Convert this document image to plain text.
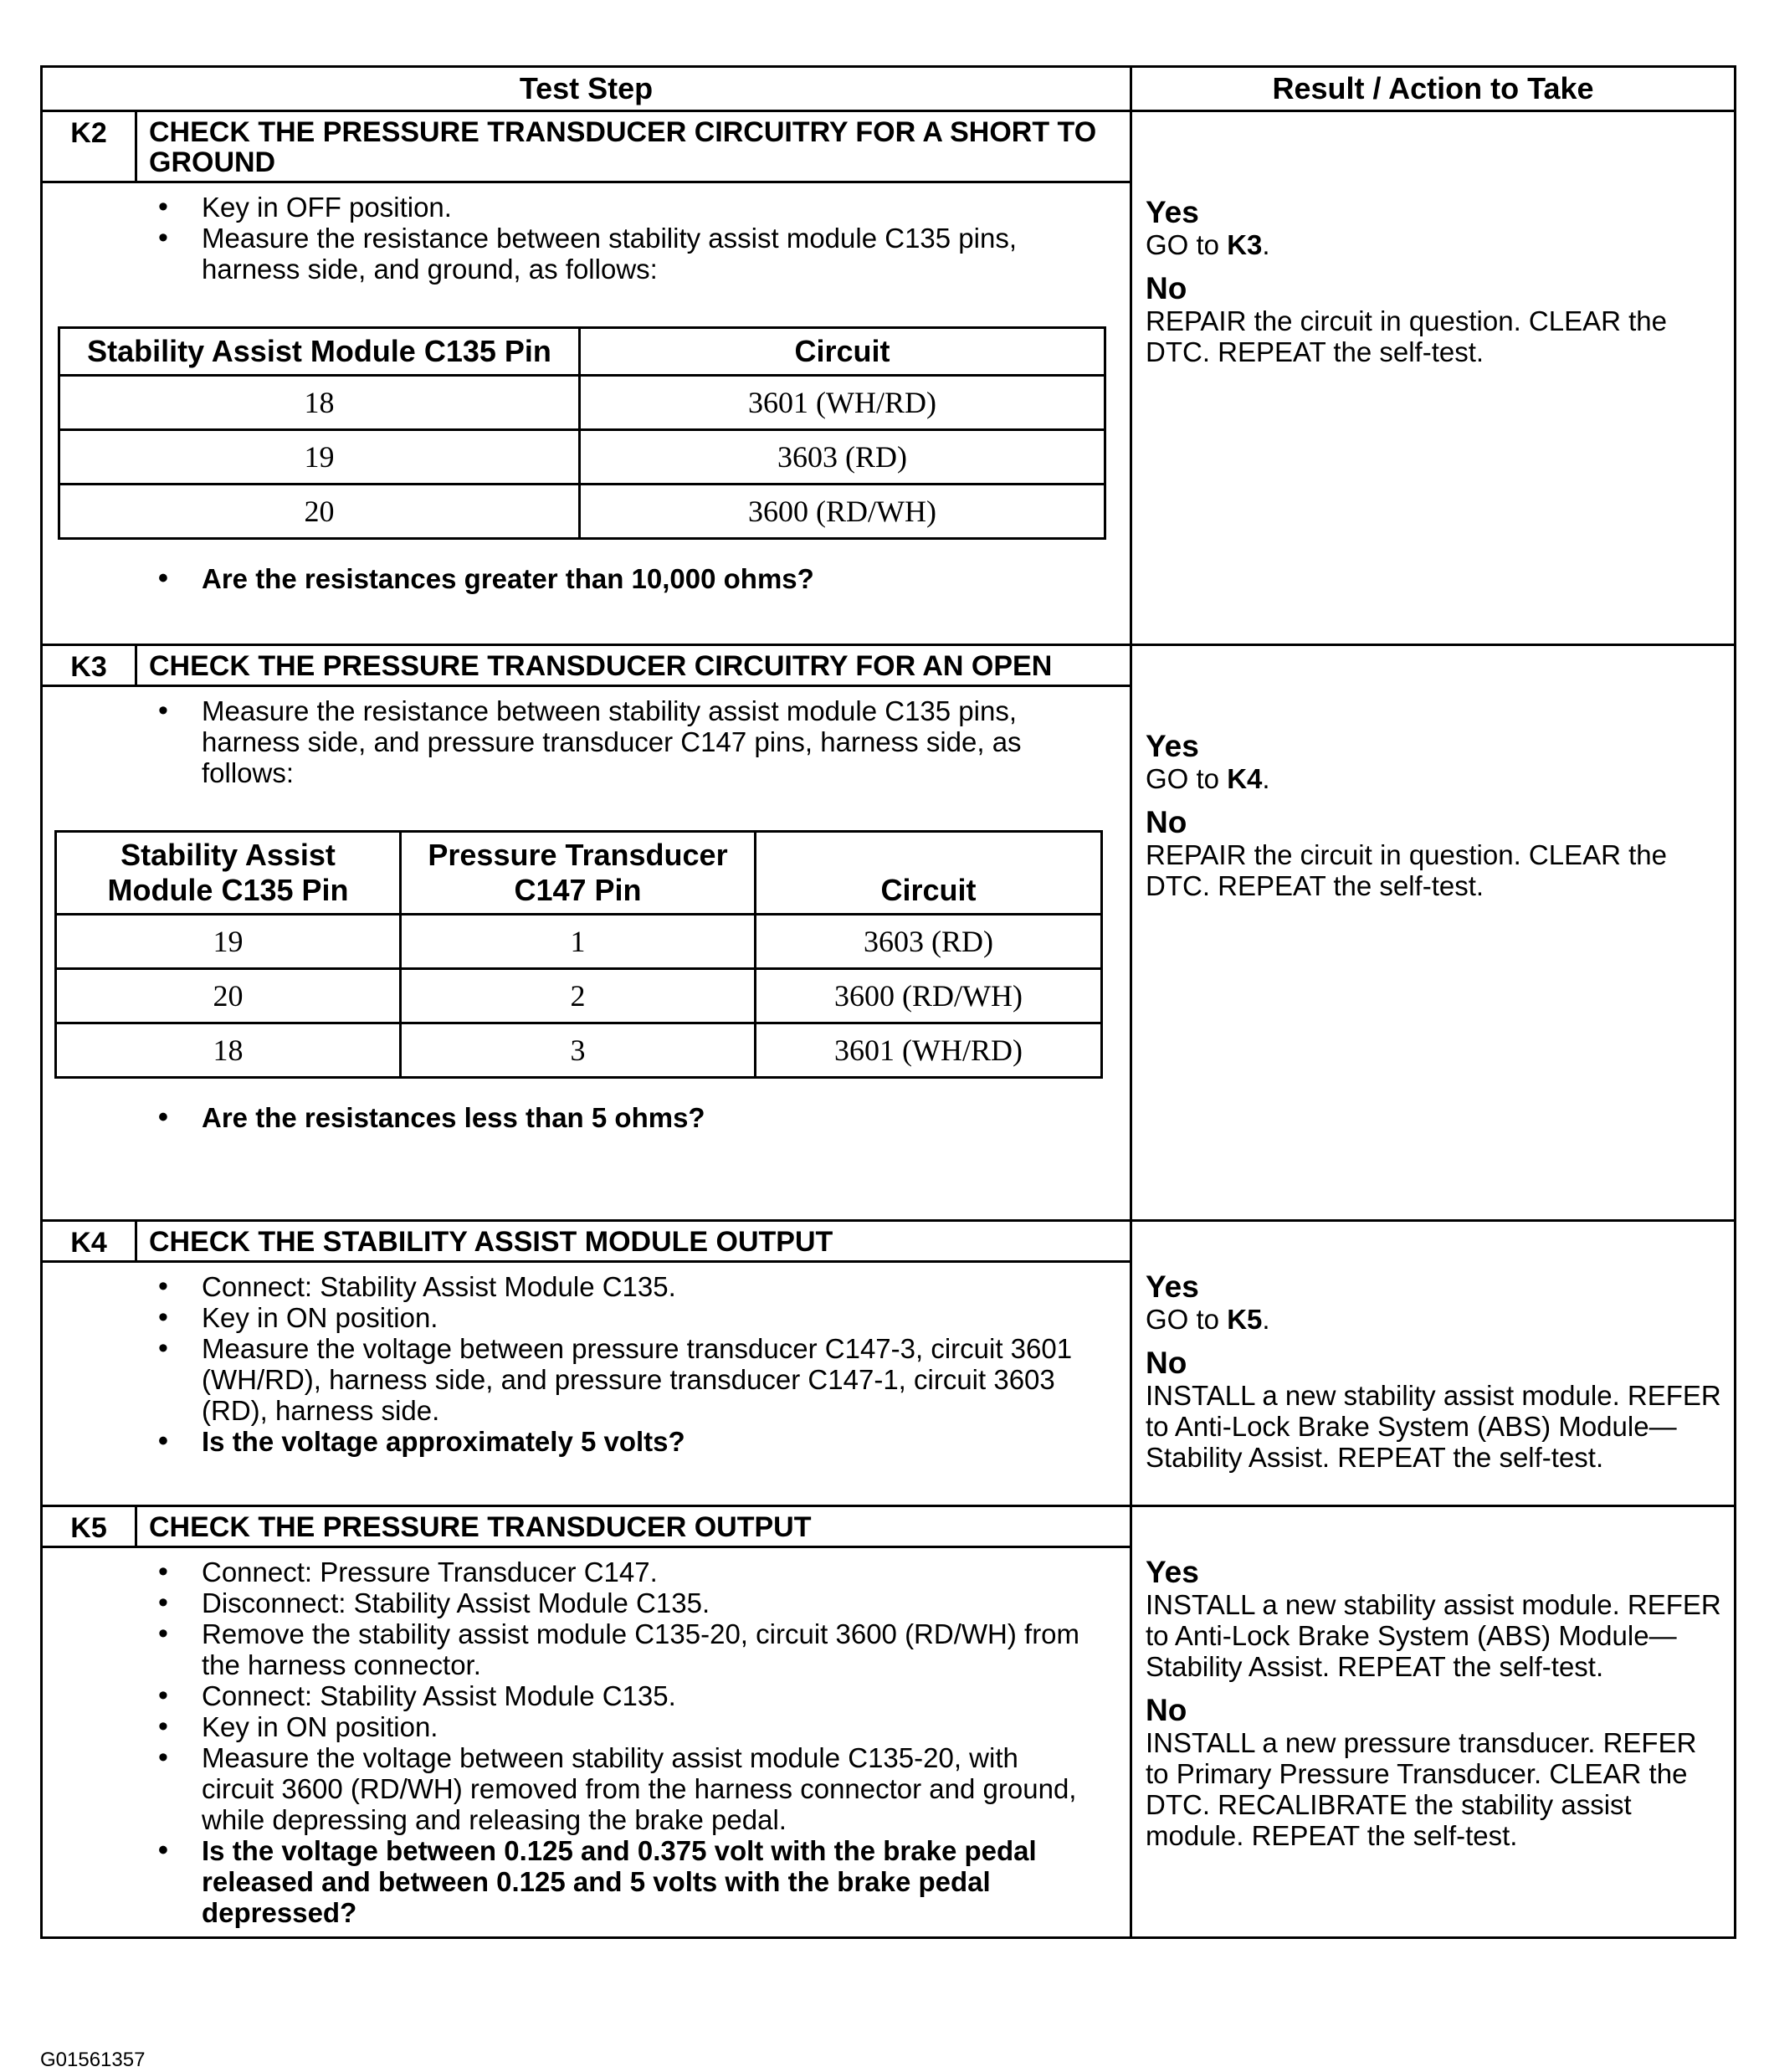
Test Step	Result / Action to Take

K2	CHECK THE PRESSURE TRANSDUCER CIRCUITRY FOR A SHORT TO GROUND
• Key in OFF position.
• Measure the resistance between stability assist module C135 pins, harness side, and ground, as follows:
Stability Assist Module C135 Pin	Circuit
18	3601 (WH/RD)
19	3603 (RD)
20	3600 (RD/WH)
• Are the resistances greater than 10,000 ohms?

Yes
GO to K3.
No
REPAIR the circuit in question. CLEAR the DTC. REPEAT the self-test.

K3	CHECK THE PRESSURE TRANSDUCER CIRCUITRY FOR AN OPEN
• Measure the resistance between stability assist module C135 pins, harness side, and pressure transducer C147 pins, harness side, as follows:
Stability Assist Module C135 Pin	Pressure Transducer C147 Pin	Circuit
19	1	3603 (RD)
20	2	3600 (RD/WH)
18	3	3601 (WH/RD)
• Are the resistances less than 5 ohms?

Yes
GO to K4.
No
REPAIR the circuit in question. CLEAR the DTC. REPEAT the self-test.

K4	CHECK THE STABILITY ASSIST MODULE OUTPUT
• Connect: Stability Assist Module C135.
• Key in ON position.
• Measure the voltage between pressure transducer C147-3, circuit 3601 (WH/RD), harness side, and pressure transducer C147-1, circuit 3603 (RD), harness side.
• Is the voltage approximately 5 volts?

Yes
GO to K5.
No
INSTALL a new stability assist module. REFER to Anti-Lock Brake System (ABS) Module—Stability Assist. REPEAT the self-test.

K5	CHECK THE PRESSURE TRANSDUCER OUTPUT
• Connect: Pressure Transducer C147.
• Disconnect: Stability Assist Module C135.
• Remove the stability assist module C135-20, circuit 3600 (RD/WH) from the harness connector.
• Connect: Stability Assist Module C135.
• Key in ON position.
• Measure the voltage between stability assist module C135-20, with circuit 3600 (RD/WH) removed from the harness connector and ground, while depressing and releasing the brake pedal.
• Is the voltage between 0.125 and 0.375 volt with the brake pedal released and between 0.125 and 5 volts with the brake pedal depressed?

Yes
INSTALL a new stability assist module. REFER to Anti-Lock Brake System (ABS) Module—Stability Assist. REPEAT the self-test.
No
INSTALL a new pressure transducer. REFER to Primary Pressure Transducer. CLEAR the DTC. RECALIBRATE the stability assist module. REPEAT the self-test.
G01561357
